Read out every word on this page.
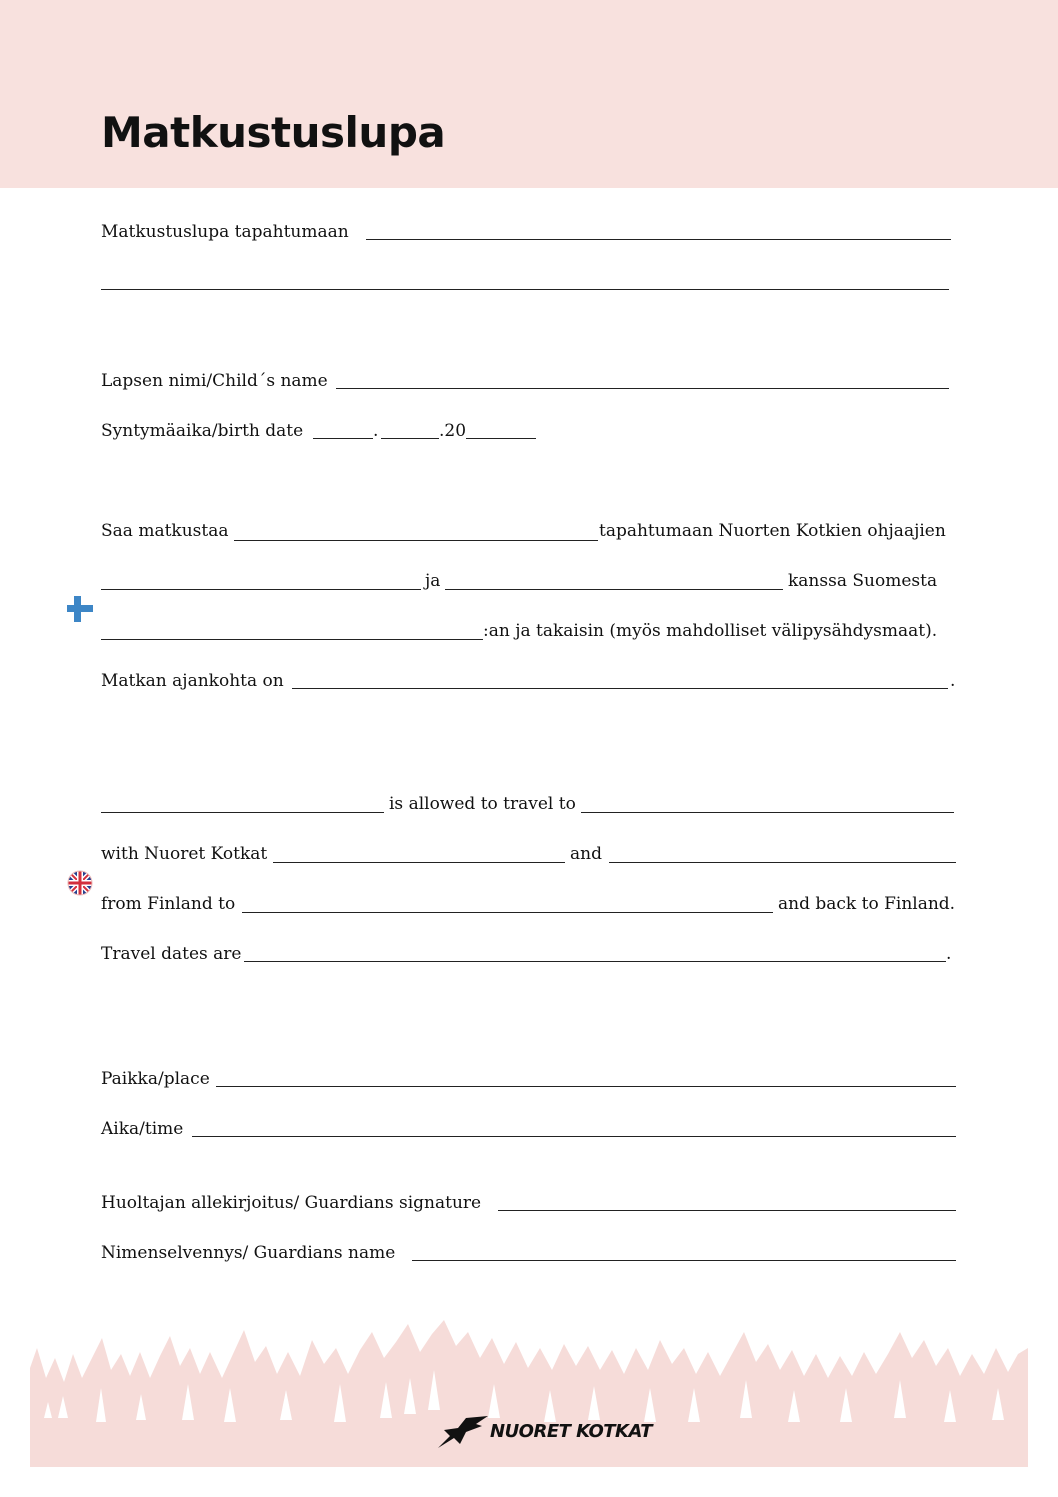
Matkustuslupa
Matkustuslupa tapahtumaan
Lapsen nimi/Child´s name
Syntymäaika/birth date	.	.20
Saa matkustaa	tapahtumaan Nuorten Kotkien ohjaajien
ja	kanssa Suomesta
:an ja takaisin (myös mahdolliset välipysähdysmaat).
Matkan ajankohta on	.
is allowed to travel to
with Nuoret Kotkat	and
from Finland to	and back to Finland.
Travel dates are	.
Paikka/place
Aika/time
Huoltajan allekirjoitus/ Guardians signature
Nimenselvennys/ Guardians name
NUORET KOTKAT
